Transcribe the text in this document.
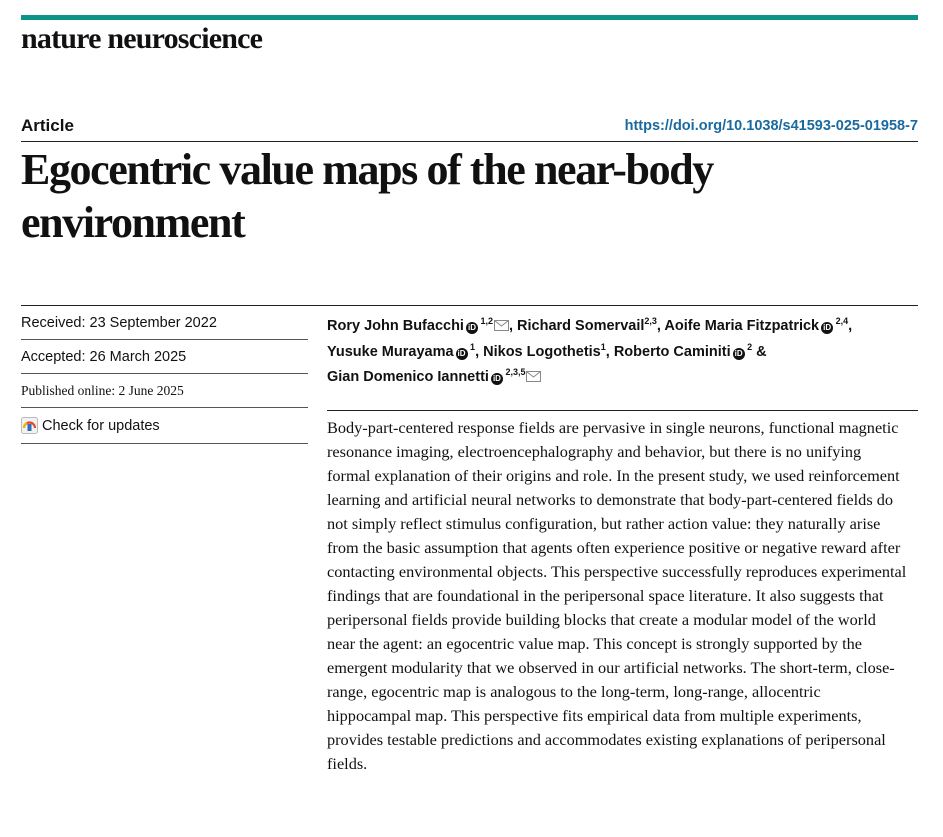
nature neuroscience
Article	https://doi.org/10.1038/s41593-025-01958-7
Egocentric value maps of the near-body environment
Received: 23 September 2022
Accepted: 26 March 2025
Published online: 2 June 2025
Check for updates
Rory John Bufacchi iD $^{1,2}$ , Richard Somervail$^{2,3}$, Aoife Maria Fitzpatrick iD $^{2,4}$, Yusuke Murayama iD $^1$, Nikos Logothetis$^1$, Roberto Caminiti iD $^2$ & Gian Domenico Iannetti iD $^{2,3,5}$

Body-part-centered response fields are pervasive in single neurons, functional magnetic resonance imaging, electroencephalography and behavior, but there is no unifying formal explanation of their origins and role. In the present study, we used reinforcement learning and artificial neural networks to demonstrate that body-part-centered fields do not simply reflect stimulus configuration, but rather action value: they naturally arise from the basic assumption that agents often experience positive or negative reward after contacting environmental objects. This perspective successfully reproduces experimental findings that are foundational in the peripersonal space literature. It also suggests that peripersonal fields provide building blocks that create a modular model of the world near the agent: an egocentric value map. This concept is strongly supported by the emergent modularity that we observed in our artificial networks. The short-term, close-range, egocentric map is analogous to the long-term, long-range, allocentric hippocampal map. This perspective fits empirical data from multiple experiments, provides testable predictions and accommodates existing explanations of peripersonal fields.
